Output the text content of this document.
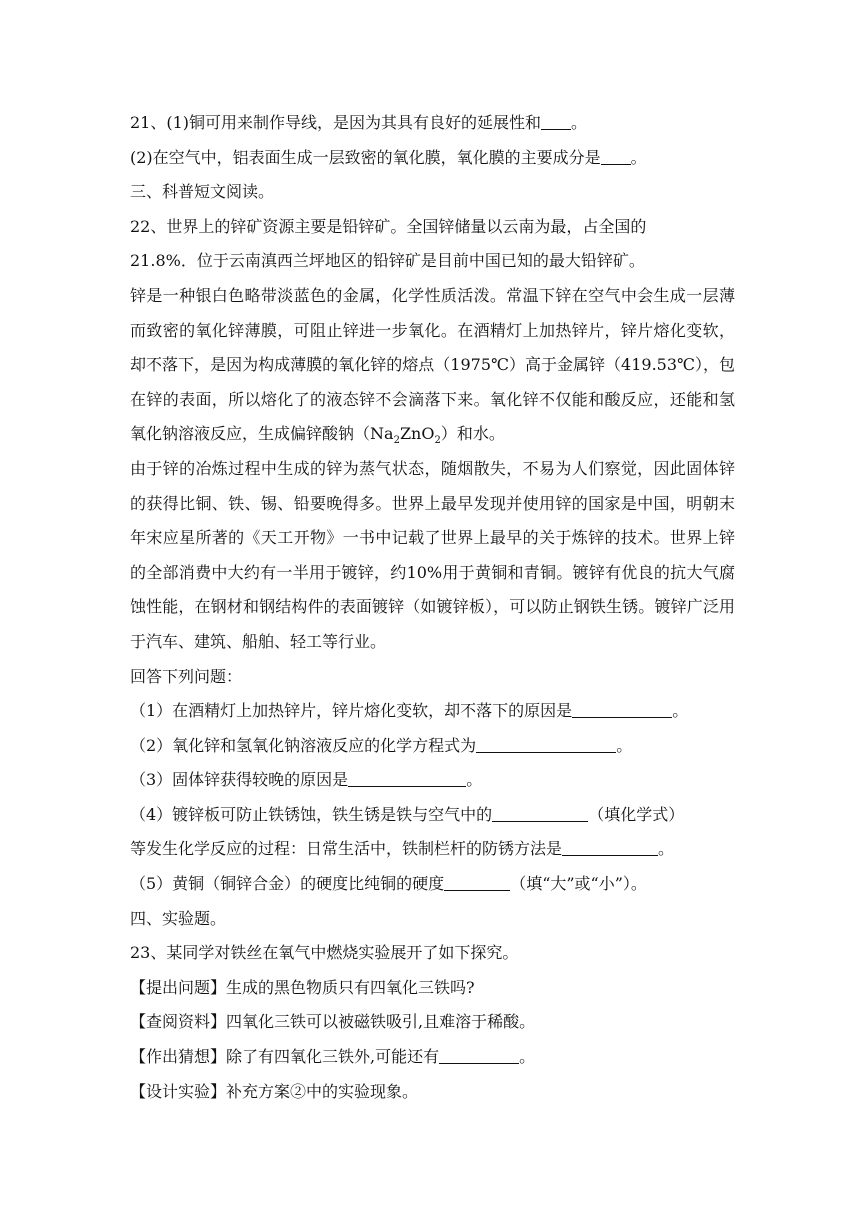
21、(1)铜可用来制作导线，是因为其具有良好的延展性和 。
(2)在空气中，铝表面生成一层致密的氧化膜，氧化膜的主要成分是 。
三、科普短文阅读。
22、世界上的锌矿资源主要是铅锌矿。全国锌储量以云南为最，占全国的
21.8%．位于云南滇西兰坪地区的铅锌矿是目前中国已知的最大铅锌矿。
锌是一种银白色略带淡蓝色的金属，化学性质活泼。常温下锌在空气中会生成一层薄而致密的氧化锌薄膜，可阻止锌进一步氧化。在酒精灯上加热锌片，锌片熔化变软，却不落下，是因为构成薄膜的氧化锌的熔点（1975℃）高于金属锌（419.53℃），包在锌的表面，所以熔化了的液态锌不会滴落下来。氧化锌不仅能和酸反应，还能和氢氧化钠溶液反应，生成偏锌酸钠$(Na_2ZnO_2)$和水。
由于锌的冶炼过程中生成的锌为蒸气状态，随烟散失，不易为人们察觉，因此固体锌的获得比铜、铁、锡、铅要晚得多。世界上最早发现并使用锌的国家是中国，明朝末年宋应星所著的《天工开物》一书中记载了世界上最早的关于炼锌的技术。世界上锌的全部消费中大约有一半用于镀锌，约10%用于黄铜和青铜。镀锌有优良的抗大气腐蚀性能，在钢材和钢结构件的表面镀锌（如镀锌板），可以防止钢铁生锈。镀锌广泛用于汽车、建筑、船舶、轻工等行业。
回答下列问题：
（1）在酒精灯上加热锌片，锌片熔化变软，却不落下的原因是	。
（2）氧化锌和氢氧化钠溶液反应的化学方程式为	。
（3）固体锌获得较晚的原因是	。
（4）镀锌板可防止铁锈蚀，铁生锈是铁与空气中的	（填化学式）
等发生化学反应的过程：日常生活中，铁制栏杆的防锈方法是	。
（5）黄铜（铜锌合金）的硬度比纯铜的硬度	（填“大”或“小”）。
四、实验题。
23、某同学对铁丝在氧气中燃烧实验展开了如下探究。
【提出问题】生成的黑色物质只有四氧化三铁吗?
【查阅资料】四氧化三铁可以被磁铁吸引,且难溶于稀酸。
【作出猜想】除了有四氧化三铁外,可能还有	。
【设计实验】补充方案②中的实验现象。
